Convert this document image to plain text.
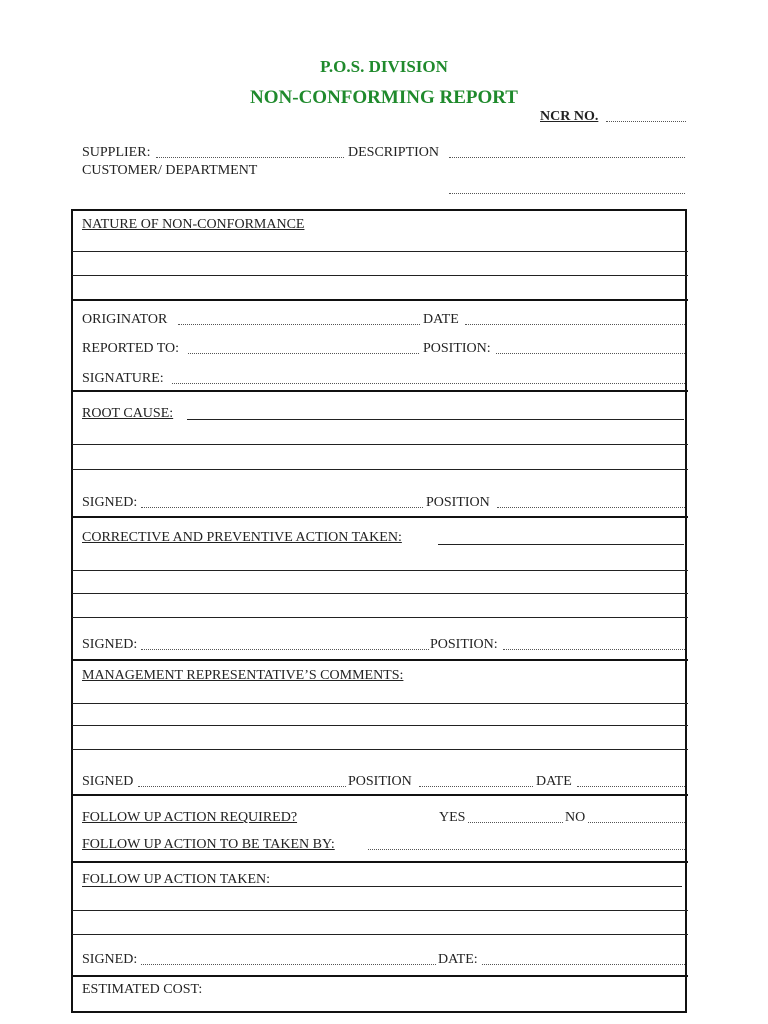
P.O.S. DIVISION
NON-CONFORMING REPORT
NCR NO.
SUPPLIER:	DESCRIPTION
CUSTOMER/ DEPARTMENT
NATURE OF NON-CONFORMANCE
ORIGINATOR	DATE
REPORTED TO:	POSITION:
SIGNATURE:
ROOT CAUSE:
SIGNED:	POSITION
CORRECTIVE AND PREVENTIVE ACTION TAKEN:
SIGNED:	POSITION:
MANAGEMENT REPRESENTATIVE’S COMMENTS:
SIGNED	POSITION	DATE
FOLLOW UP ACTION REQUIRED?	YES	NO
FOLLOW UP ACTION TO BE TAKEN BY:
FOLLOW UP ACTION TAKEN:
SIGNED:	DATE:
ESTIMATED COST:
